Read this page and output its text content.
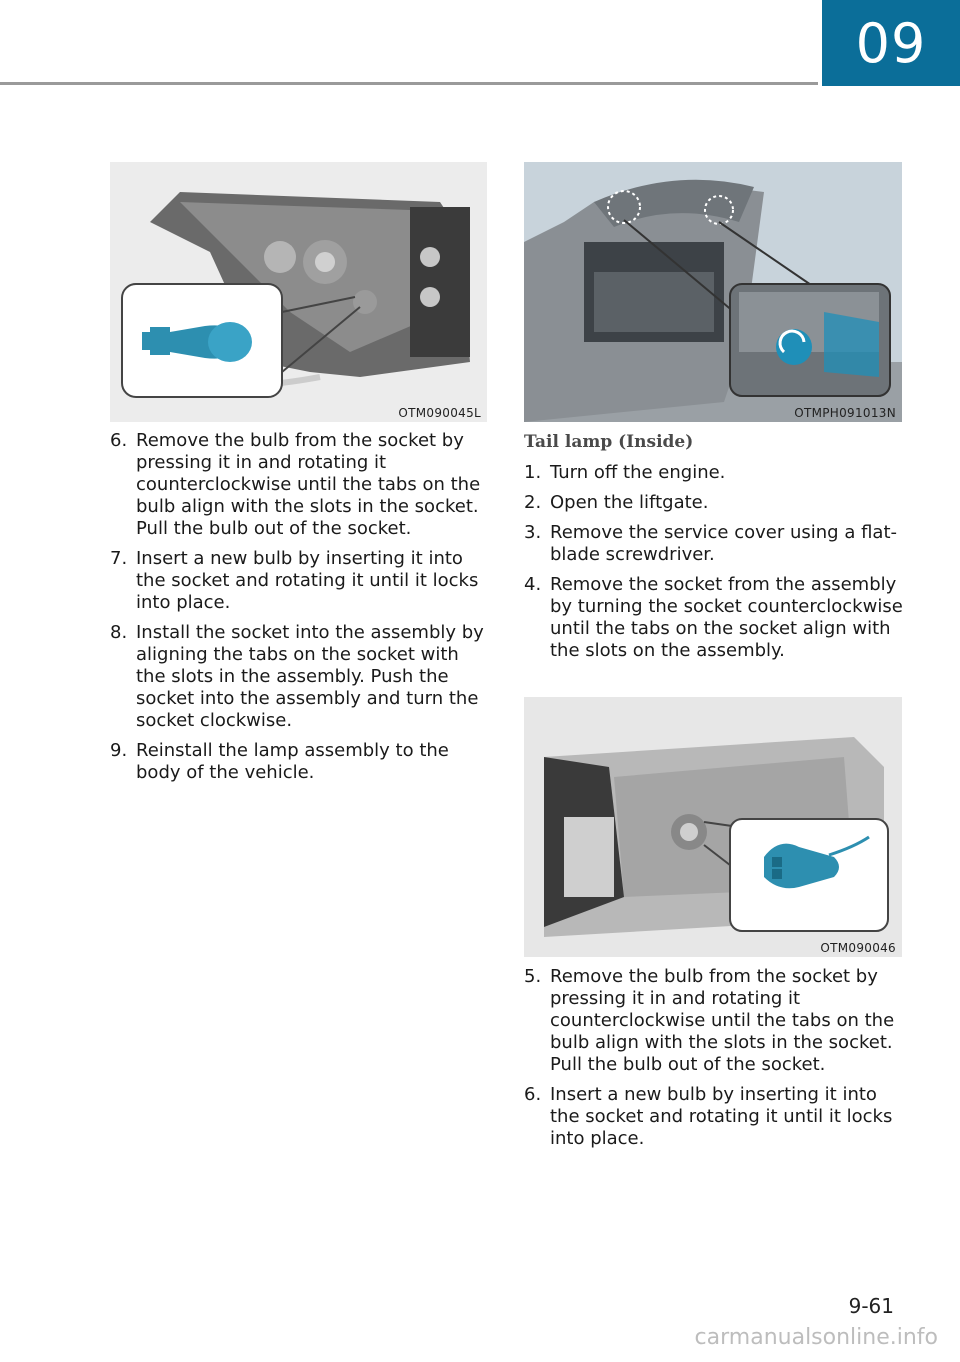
09
OTM090045L	OTMPH091013N
OTM090046
6. Remove the bulb from the socket by pressing it in and rotating it counterclockwise until the tabs on the bulb align with the slots in the socket. Pull the bulb out of the socket.
7. Insert a new bulb by inserting it into the socket and rotating it until it locks into place.
8. Install the socket into the assembly by aligning the tabs on the socket with the slots in the assembly. Push the socket into the assembly and turn the socket clockwise.
9. Reinstall the lamp assembly to the body of the vehicle.
Tail lamp (Inside)
1. Turn off the engine.
2. Open the liftgate.
3. Remove the service cover using a flat-blade screwdriver.
4. Remove the socket from the assembly by turning the socket counterclockwise until the tabs on the socket align with the slots on the assembly.
5. Remove the bulb from the socket by pressing it in and rotating it counterclockwise until the tabs on the bulb align with the slots in the socket. Pull the bulb out of the socket.
6. Insert a new bulb by inserting it into the socket and rotating it until it locks into place.
9-61
carmanualsonline.info
